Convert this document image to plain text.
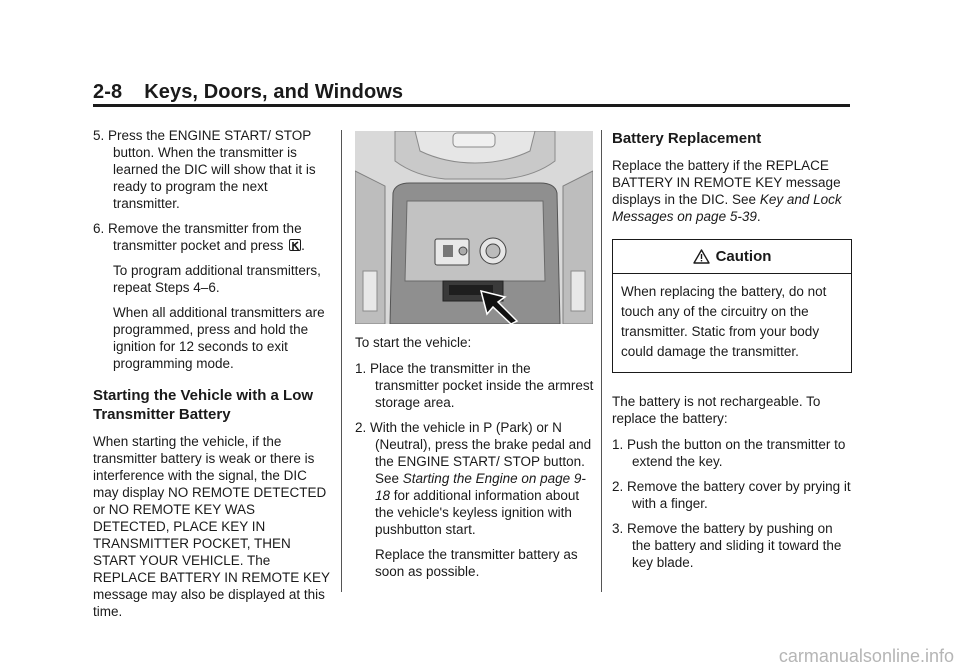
2-8 Keys, Doors, and Windows

5. Press the ENGINE START/ STOP button. When the transmitter is learned the DIC will show that it is ready to program the next transmitter.

6. Remove the transmitter from the transmitter pocket and press .

To program additional transmitters, repeat Steps 4–6.

When all additional transmitters are programmed, press and hold the ignition for 12 seconds to exit programming mode.

Starting the Vehicle with a Low Transmitter Battery

When starting the vehicle, if the transmitter battery is weak or there is interference with the signal, the DIC may display NO REMOTE DETECTED or NO REMOTE KEY WAS DETECTED, PLACE KEY IN TRANSMITTER POCKET, THEN START YOUR VEHICLE. The REPLACE BATTERY IN REMOTE KEY message may also be displayed at this time.

To start the vehicle:

1. Place the transmitter in the transmitter pocket inside the armrest storage area.

2. With the vehicle in P (Park) or N (Neutral), press the brake pedal and the ENGINE START/ STOP button. See Starting the Engine on page 9-18 for additional information about the vehicle's keyless ignition with pushbutton start.

Replace the transmitter battery as soon as possible.

Battery Replacement

Replace the battery if the REPLACE BATTERY IN REMOTE KEY message displays in the DIC. See Key and Lock Messages on page 5-39.

Caution
When replacing the battery, do not touch any of the circuitry on the transmitter. Static from your body could damage the transmitter.

The battery is not rechargeable. To replace the battery:

1. Push the button on the transmitter to extend the key.

2. Remove the battery cover by prying it with a finger.

3. Remove the battery by pushing on the battery and sliding it toward the key blade.

carmanualsonline.info
